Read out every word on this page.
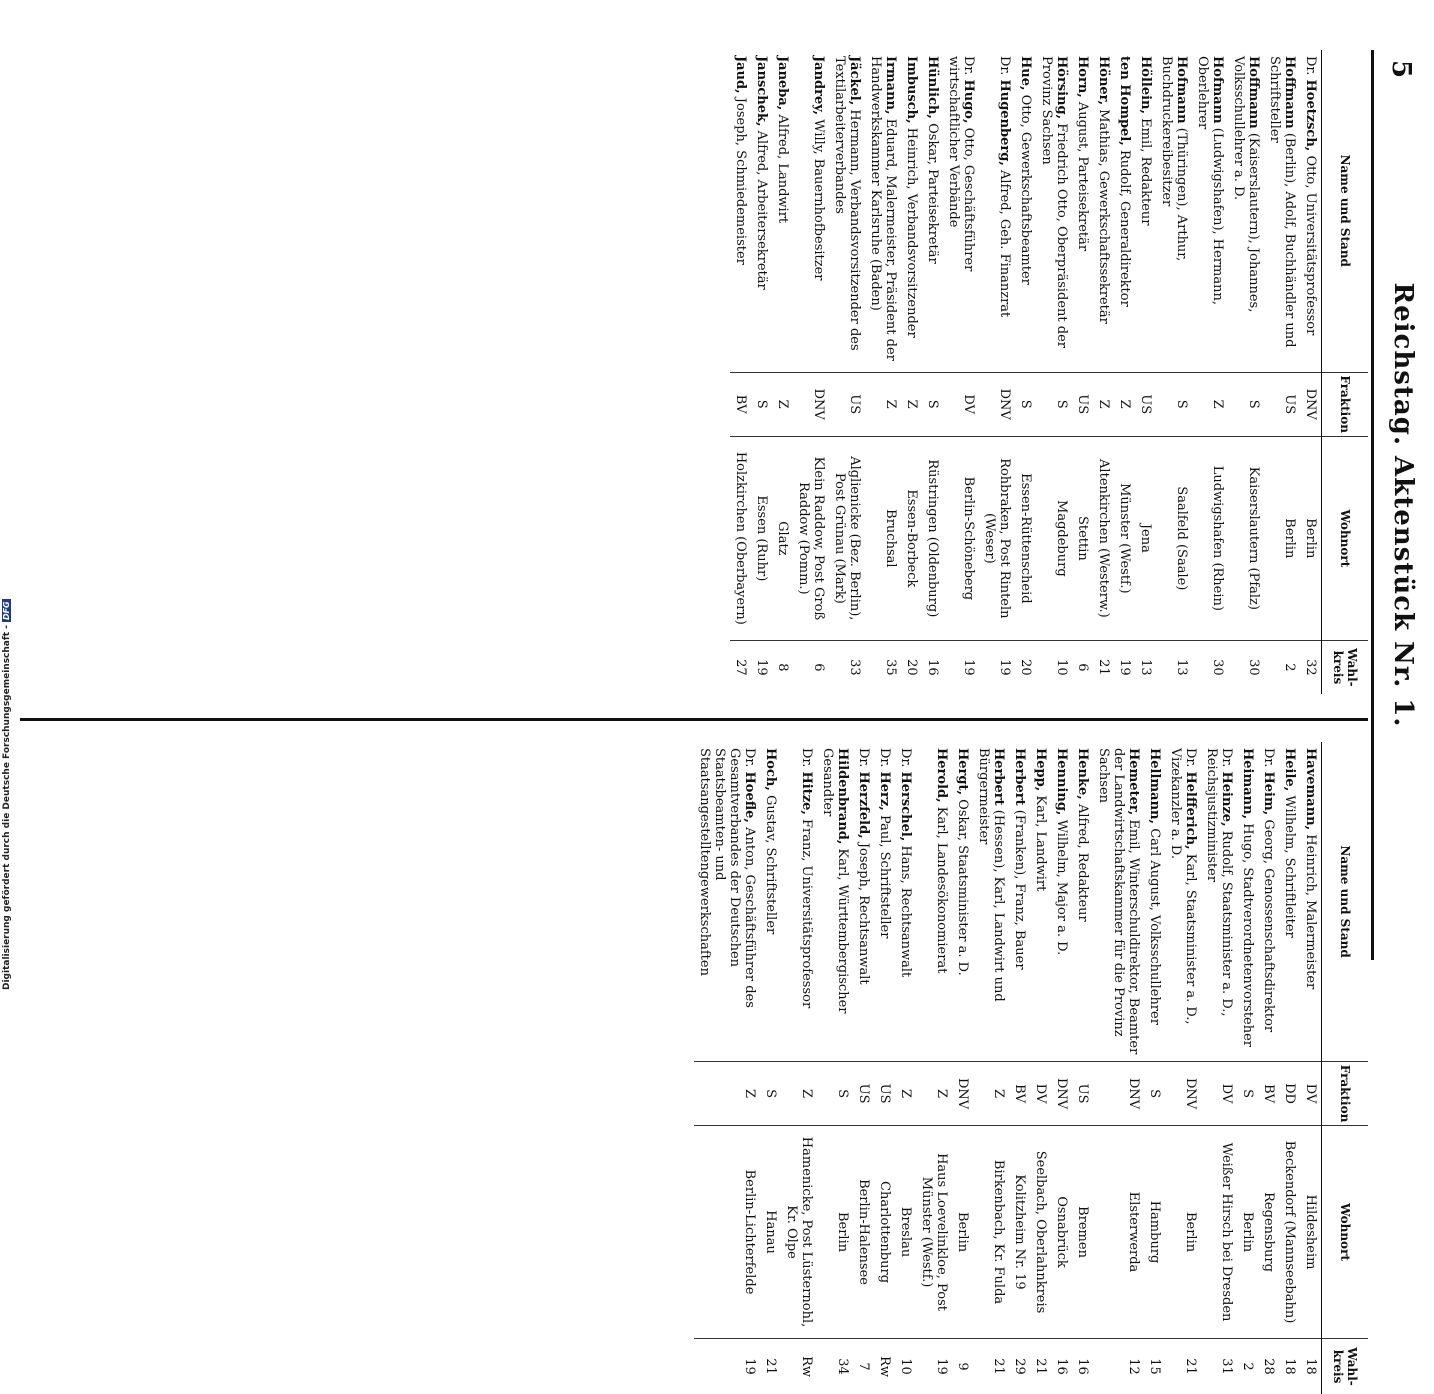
5
Reichstag. Aktenstück Nr. 1.
Name und Stand	Fraktion	Wohnort	Wahl-kreis
Dr. Hoetzsch, Otto, Universitätsprofessor	DNV	Berlin	32
Hoffmann (Berlin), Adolf, Buchhändler und Schriftsteller	US	Berlin	2
Hoffmann (Kaiserslautern), Johannes, Volksschullehrer a. D.	S	Kaiserslautern (Pfalz)	30
Hofmann (Ludwigshafen), Hermann, Oberlehrer	Z	Ludwigshafen (Rhein)	30
Hofmann (Thüringen), Arthur, Buchdruckereibesitzer	S	Saalfeld (Saale)	13
Höllein, Emil, Redakteur	US	Jena	13
ten Hompel, Rudolf, Generaldirektor	Z	Münster (Westf.)	19
Höner, Mathias, Gewerkschaftssekretär	Z	Altenkirchen (Westerw.)	21
Horn, August, Parteisekretär	US	Stettin	6
Hörsing, Friedrich Otto, Oberpräsident der Provinz Sachsen	S	Magdeburg	10
Hue, Otto, Gewerkschaftsbeamter	S	Essen-Rüttenscheid	20
Dr. Hugenberg, Alfred, Geh. Finanzrat	DNV	Rohbraken, Post Rinteln (Weser)	19
Dr. Hugo, Otto, Geschäftsführer wirtschaftlicher Verbände	DV	Berlin-Schöneberg	19
Hünlich, Oskar, Parteisekretär	S	Rüstringen (Oldenburg)	16
Imbusch, Heinrich, Verbandsvorsitzender	Z	Essen-Borbeck	20
Irmann, Eduard, Malermeister, Präsident der Handwerkskammer Karlsruhe (Baden)	Z	Bruchsal	35
Jäckel, Hermann, Verbandsvorsitzender des Textilarbeiterverbandes	US	Alglienicke (Bez. Berlin), Post Grünau (Mark)	33
Jandrey, Willy, Bauernhofbesitzer	DNV	Klein Raddow, Post Groß Raddow (Pomm.)	6
Janeba, Alfred, Landwirt	Z	Glatz	8
Janschek, Alfred, Arbeitersekretär	S	Essen (Ruhr)	19
Jaud, Joseph, Schmiedemeister	BV	Holzkirchen (Oberbayern)	27
Name und Stand	Fraktion	Wohnort	Wahl-kreis
Havemann, Heinrich, Malermeister	DV	Hildesheim	18
Heile, Wilhelm, Schriftleiter	DD	Beckendorf (Mannseebahn)	18
Dr. Heim, Georg, Genossenschaftsdirektor	BV	Regensburg	28
Heimann, Hugo, Stadtverordnetenvorsteher	S	Berlin	2
Dr. Heinze, Rudolf, Staatsminister a. D., Reichsjustizminister	DV	Weißer Hirsch bei Dresden	31
Dr. Helfferich, Karl, Staatsminister a. D., Vizekanzler a. D.	DNV	Berlin	21
Hellmann, Carl August, Volksschullehrer	S	Hamburg	15
Hemeter, Emil, Winterschuldirektor, Beamter der Landwirtschaftskammer für die Provinz Sachsen	DNV	Elsterwerda	12
Henke, Alfred, Redakteur	US	Bremen	16
Henning, Wilhelm, Major a. D.	DNV	Osnabrück	16
Hepp, Karl, Landwirt	DV	Seelbach, Oberlahnkreis	21
Herbert (Franken), Franz, Bauer	BV	Kolitzheim Nr. 19	29
Herbert (Hessen), Karl, Landwirt und Bürgermeister	Z	Birkenbach, Kr. Fulda	21
Hergt, Oskar, Staatsminister a. D.	DNV	Berlin	9
Herold, Karl, Landesökonomierat	Z	Haus Loevelinkloe, Post Münster (Westf.)	19
Dr. Herschel, Hans, Rechtsanwalt	Z	Breslau	10
Dr. Herz, Paul, Schriftsteller	US	Charlottenburg	Rw
Dr. Herzfeld, Joseph, Rechtsanwalt	US	Berlin-Halensee	7
Hildenbrand, Karl, Württembergischer Gesandter	S	Berlin	34
Dr. Hitze, Franz, Universitätsprofessor	Z	Hamenicke, Post Lüsternohl, Kr. Olpe	Rw
Hoch, Gustav, Schriftsteller	S	Hanau	21
Dr. Hoefle, Anton, Geschäftsführer des Gesamtverbandes der Deutschen Staatsbeamten- und Staatsangestelltengewerkschaften	Z	Berlin-Lichterfelde	19
Digitalisierung gefördert durch die Deutsche Forschungsgemeinschaft -DFG
